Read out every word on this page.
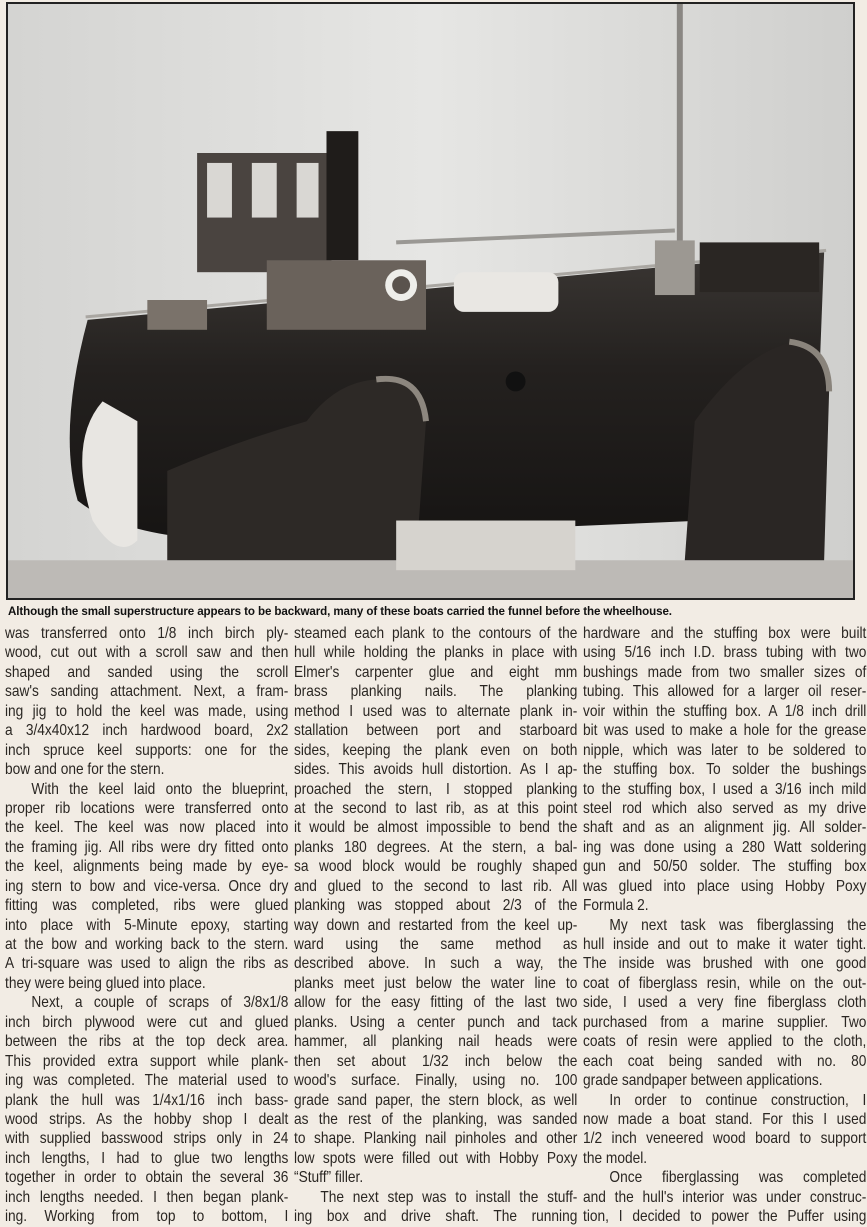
Although the small superstructure appears to be backward, many of these boats carried the funnel before the wheelhouse.
was transferred onto 1/8 inch birch ply-
wood, cut out with a scroll saw and then
shaped and sanded using the scroll
saw's sanding attachment. Next, a fram-
ing jig to hold the keel was made, using
a 3/4x40x12 inch hardwood board, 2x2
inch spruce keel supports: one for the
bow and one for the stern.
With the keel laid onto the blueprint,
proper rib locations were transferred onto
the keel. The keel was now placed into
the framing jig. All ribs were dry fitted onto
the keel, alignments being made by eye-
ing stern to bow and vice-versa. Once dry
fitting was completed, ribs were glued
into place with 5-Minute epoxy, starting
at the bow and working back to the stern.
A tri-square was used to align the ribs as
they were being glued into place.
Next, a couple of scraps of 3/8x1/8
inch birch plywood were cut and glued
between the ribs at the top deck area.
This provided extra support while plank-
ing was completed. The material used to
plank the hull was 1/4x1/16 inch bass-
wood strips. As the hobby shop I dealt
with supplied basswood strips only in 24
inch lengths, I had to glue two lengths
together in order to obtain the several 36
inch lengths needed. I then began plank-
ing. Working from top to bottom, I
steamed each plank to the contours of the
hull while holding the planks in place with
Elmer's carpenter glue and eight mm
brass planking nails. The planking
method I used was to alternate plank in-
stallation between port and starboard
sides, keeping the plank even on both
sides. This avoids hull distortion. As I ap-
proached the stern, I stopped planking
at the second to last rib, as at this point
it would be almost impossible to bend the
planks 180 degrees. At the stern, a bal-
sa wood block would be roughly shaped
and glued to the second to last rib. All
planking was stopped about 2/3 of the
way down and restarted from the keel up-
ward using the same method as
described above. In such a way, the
planks meet just below the water line to
allow for the easy fitting of the last two
planks. Using a center punch and tack
hammer, all planking nail heads were
then set about 1/32 inch below the
wood's surface. Finally, using no. 100
grade sand paper, the stern block, as well
as the rest of the planking, was sanded
to shape. Planking nail pinholes and other
low spots were filled out with Hobby Poxy
“Stuff” filler.
The next step was to install the stuff-
ing box and drive shaft. The running
hardware and the stuffing box were built
using 5/16 inch I.D. brass tubing with two
bushings made from two smaller sizes of
tubing. This allowed for a larger oil reser-
voir within the stuffing box. A 1/8 inch drill
bit was used to make a hole for the grease
nipple, which was later to be soldered to
the stuffing box. To solder the bushings
to the stuffing box, I used a 3/16 inch mild
steel rod which also served as my drive
shaft and as an alignment jig. All solder-
ing was done using a 280 Watt soldering
gun and 50/50 solder. The stuffing box
was glued into place using Hobby Poxy
Formula 2.
My next task was fiberglassing the
hull inside and out to make it water tight.
The inside was brushed with one good
coat of fiberglass resin, while on the out-
side, I used a very fine fiberglass cloth
purchased from a marine supplier. Two
coats of resin were applied to the cloth,
each coat being sanded with no. 80
grade sandpaper between applications.
In order to continue construction, I
now made a boat stand. For this I used
1/2 inch veneered wood board to support
the model.
Once fiberglassing was completed
and the hull's interior was under construc-
tion, I decided to power the Puffer using
